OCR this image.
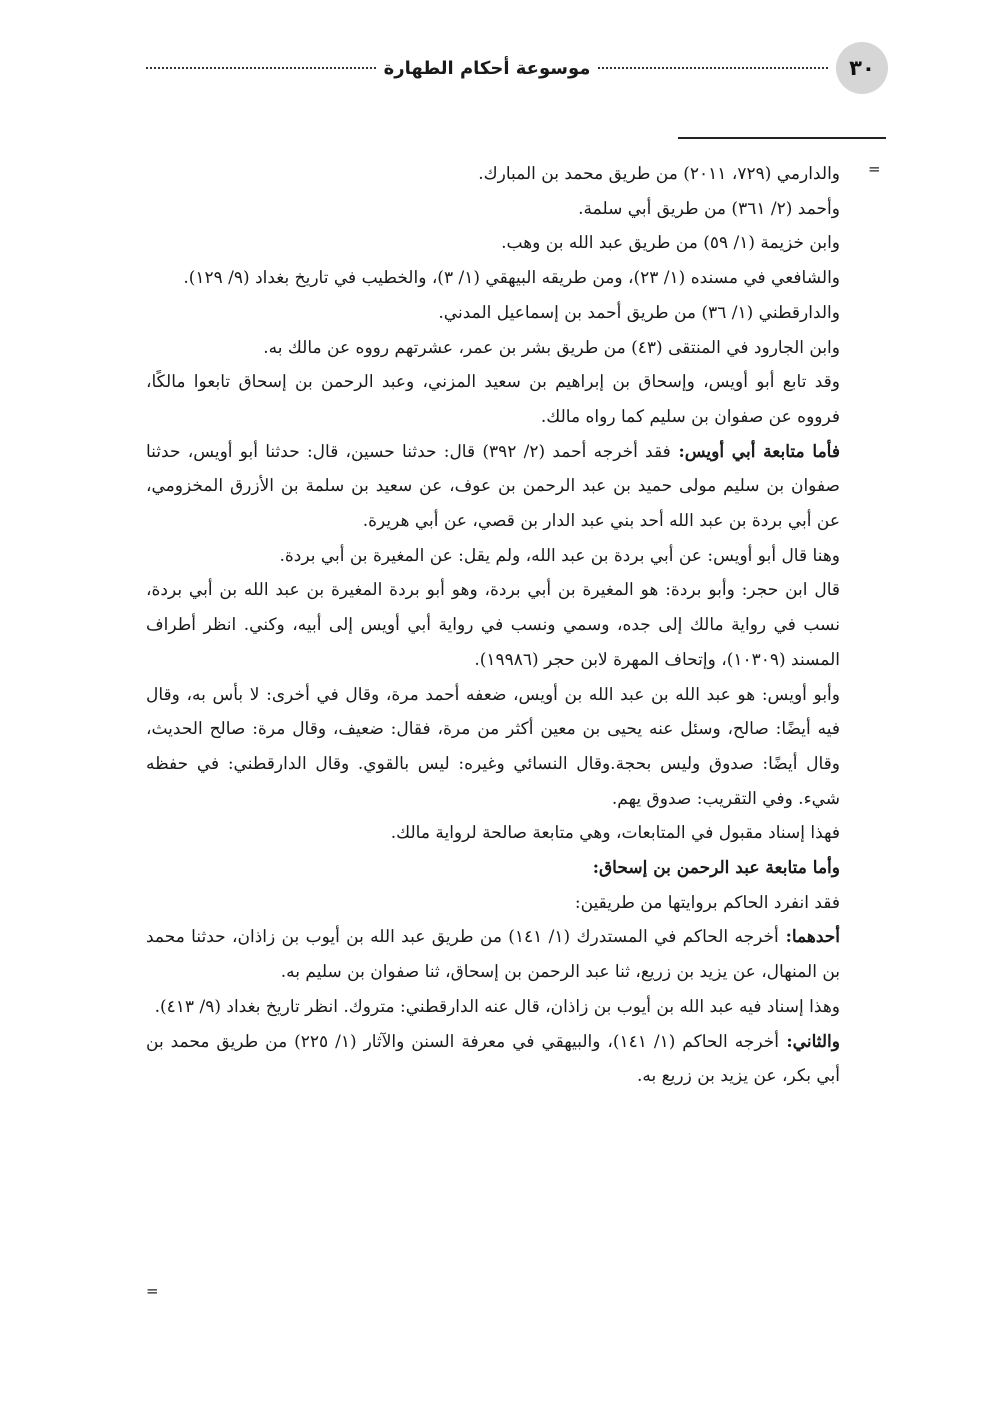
٣٠
موسوعة أحكام الطهارة
=

والدارمي (٧٢٩، ٢٠١١) من طريق محمد بن المبارك.

وأحمد (٢/ ٣٦١) من طريق أبي سلمة.

وابن خزيمة (١/ ٥٩) من طريق عبد الله بن وهب.

والشافعي في مسنده (١/ ٢٣)، ومن طريقه البيهقي (١/ ٣)، والخطيب في تاريخ بغداد (٩/ ١٢٩).

والدارقطني (١/ ٣٦) من طريق أحمد بن إسماعيل المدني.

وابن الجارود في المنتقى (٤٣) من طريق بشر بن عمر، عشرتهم رووه عن مالك به.

وقد تابع أبو أويس، وإسحاق بن إبراهيم بن سعيد المزني، وعبد الرحمن بن إسحاق تابعوا مالكًا، فرووه عن صفوان بن سليم كما رواه مالك.

فأما متابعة أبي أويس: فقد أخرجه أحمد (٢/ ٣٩٢) قال: حدثنا حسين، قال: حدثنا أبو أويس، حدثنا صفوان بن سليم مولى حميد بن عبد الرحمن بن عوف، عن سعيد بن سلمة بن الأزرق المخزومي، عن أبي بردة بن عبد الله أحد بني عبد الدار بن قصي، عن أبي هريرة.

وهنا قال أبو أويس: عن أبي بردة بن عبد الله، ولم يقل: عن المغيرة بن أبي بردة.

قال ابن حجر: وأبو بردة: هو المغيرة بن أبي بردة، وهو أبو بردة المغيرة بن عبد الله بن أبي بردة، نسب في رواية مالك إلى جده، وسمي ونسب في رواية أبي أويس إلى أبيه، وكني. انظر أطراف المسند (١٠٣٠٩)، وإتحاف المهرة لابن حجر (١٩٩٨٦).

وأبو أويس: هو عبد الله بن عبد الله بن أويس، ضعفه أحمد مرة، وقال في أخرى: لا بأس به، وقال فيه أيضًا: صالح، وسئل عنه يحيى بن معين أكثر من مرة، فقال: ضعيف، وقال مرة: صالح الحديث، وقال أيضًا: صدوق وليس بحجة.وقال النسائي وغيره: ليس بالقوي. وقال الدارقطني: في حفظه شيء. وفي التقريب: صدوق يهم.

فهذا إسناد مقبول في المتابعات، وهي متابعة صالحة لرواية مالك.

وأما متابعة عبد الرحمن بن إسحاق:

فقد انفرد الحاكم بروايتها من طريقين:

أحدهما: أخرجه الحاكم في المستدرك (١/ ١٤١) من طريق عبد الله بن أيوب بن زاذان، حدثنا محمد بن المنهال، عن يزيد بن زريع، ثنا عبد الرحمن بن إسحاق، ثنا صفوان بن سليم به.

وهذا إسناد فيه عبد الله بن أيوب بن زاذان، قال عنه الدارقطني: متروك. انظر تاريخ بغداد (٩/ ٤١٣).

والثاني: أخرجه الحاكم (١/ ١٤١)، والبيهقي في معرفة السنن والآثار (١/ ٢٢٥) من طريق محمد بن أبي بكر، عن يزيد بن زريع به.

=
